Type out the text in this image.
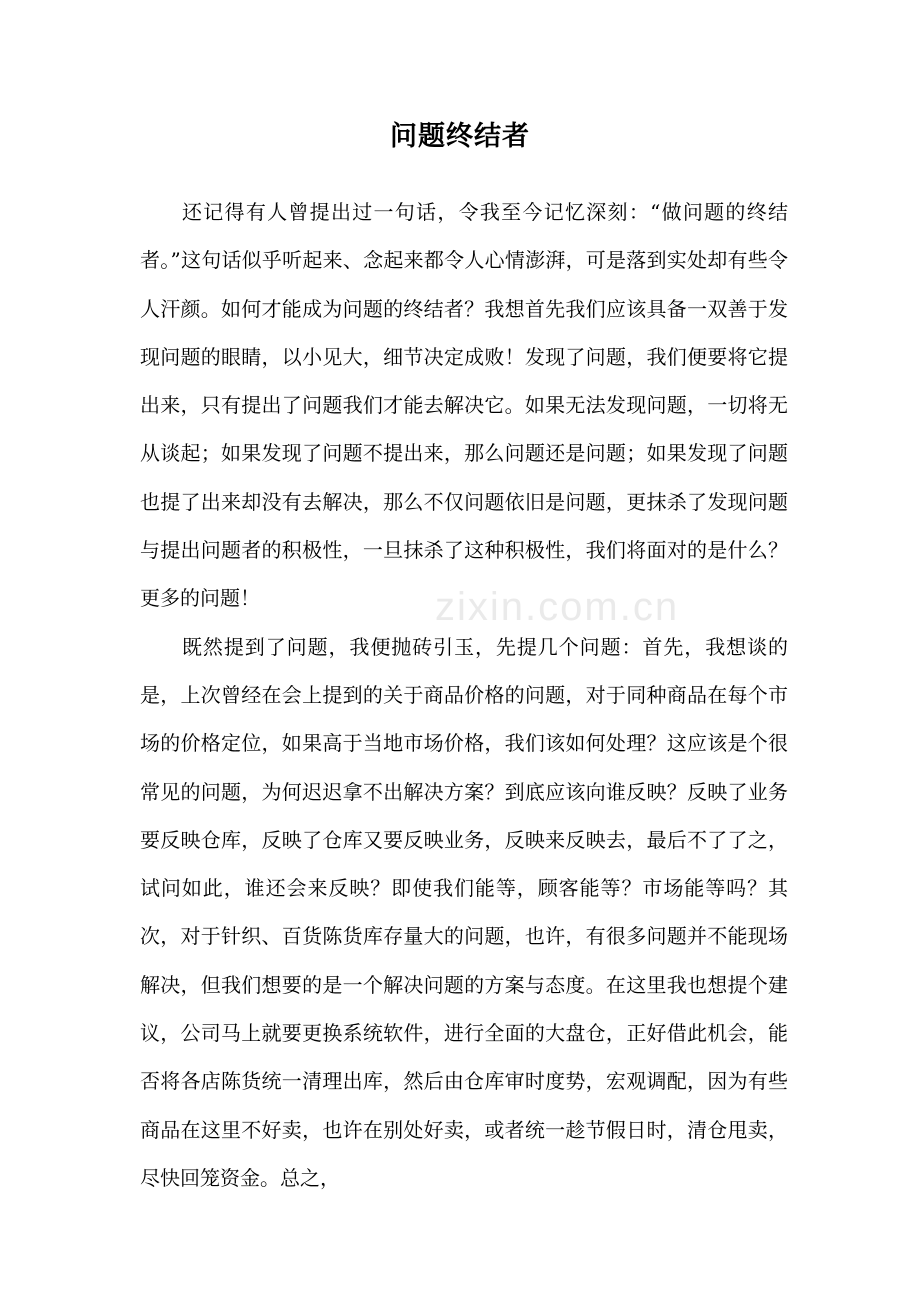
问题终结者

还记得有人曾提出过一句话，令我至今记忆深刻：“做问题的终结者。”这句话似乎听起来、念起来都令人心情澎湃，可是落到实处却有些令人汗颜。如何才能成为问题的终结者？我想首先我们应该具备一双善于发现问题的眼睛，以小见大，细节决定成败！发现了问题，我们便要将它提出来，只有提出了问题我们才能去解决它。如果无法发现问题，一切将无从谈起；如果发现了问题不提出来，那么问题还是问题；如果发现了问题也提了出来却没有去解决，那么不仅问题依旧是问题，更抹杀了发现问题与提出问题者的积极性，一旦抹杀了这种积极性，我们将面对的是什么？更多的问题！

既然提到了问题，我便抛砖引玉，先提几个问题：首先，我想谈的是，上次曾经在会上提到的关于商品价格的问题，对于同种商品在每个市场的价格定位，如果高于当地市场价格，我们该如何处理？这应该是个很常见的问题，为何迟迟拿不出解决方案？到底应该向谁反映？反映了业务要反映仓库，反映了仓库又要反映业务，反映来反映去，最后不了了之，试问如此，谁还会来反映？即使我们能等，顾客能等？市场能等吗？其次，对于针织、百货陈货库存量大的问题，也许，有很多问题并不能现场解决，但我们想要的是一个解决问题的方案与态度。在这里我也想提个建议，公司马上就要更换系统软件，进行全面的大盘仓，正好借此机会，能否将各店陈货统一清理出库，然后由仓库审时度势，宏观调配，因为有些商品在这里不好卖，也许在别处好卖，或者统一趁节假日时，清仓甩卖，尽快回笼资金。总之，

zixin.com.cn
